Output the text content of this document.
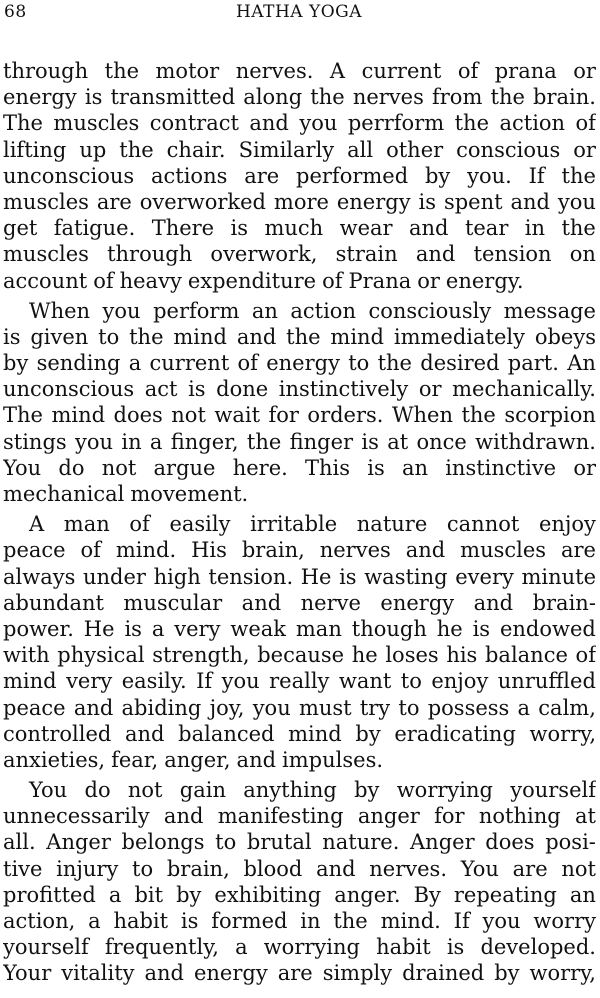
68	HATHA YOGA
through the motor nerves. A current of prana or
energy is transmitted along the nerves from the brain.
The muscles contract and you perrform the action of
lifting up the chair. Similarly all other conscious or
unconscious actions are performed by you. If the
muscles are overworked more energy is spent and you
get fatigue. There is much wear and tear in the
muscles through overwork, strain and tension on
account of heavy expenditure of Prana or energy.
When you perform an action consciously message
is given to the mind and the mind immediately obeys
by sending a current of energy to the desired part. An
unconscious act is done instinctively or mechanically.
The mind does not wait for orders. When the scorpion
stings you in a finger, the finger is at once withdrawn.
You do not argue here. This is an instinctive or
mechanical movement.
A man of easily irritable nature cannot enjoy
peace of mind. His brain, nerves and muscles are
always under high tension. He is wasting every minute
abundant muscular and nerve energy and brain-
power. He is a very weak man though he is endowed
with physical strength, because he loses his balance of
mind very easily. If you really want to enjoy unruffled
peace and abiding joy, you must try to possess a calm,
controlled and balanced mind by eradicating worry,
anxieties, fear, anger, and impulses.
You do not gain anything by worrying yourself
unnecessarily and manifesting anger for nothing at
all. Anger belongs to brutal nature. Anger does posi-
tive injury to brain, blood and nerves. You are not
profitted a bit by exhibiting anger. By repeating an
action, a habit is formed in the mind. If you worry
yourself frequently, a worrying habit is developed.
Your vitality and energy are simply drained by worry,
